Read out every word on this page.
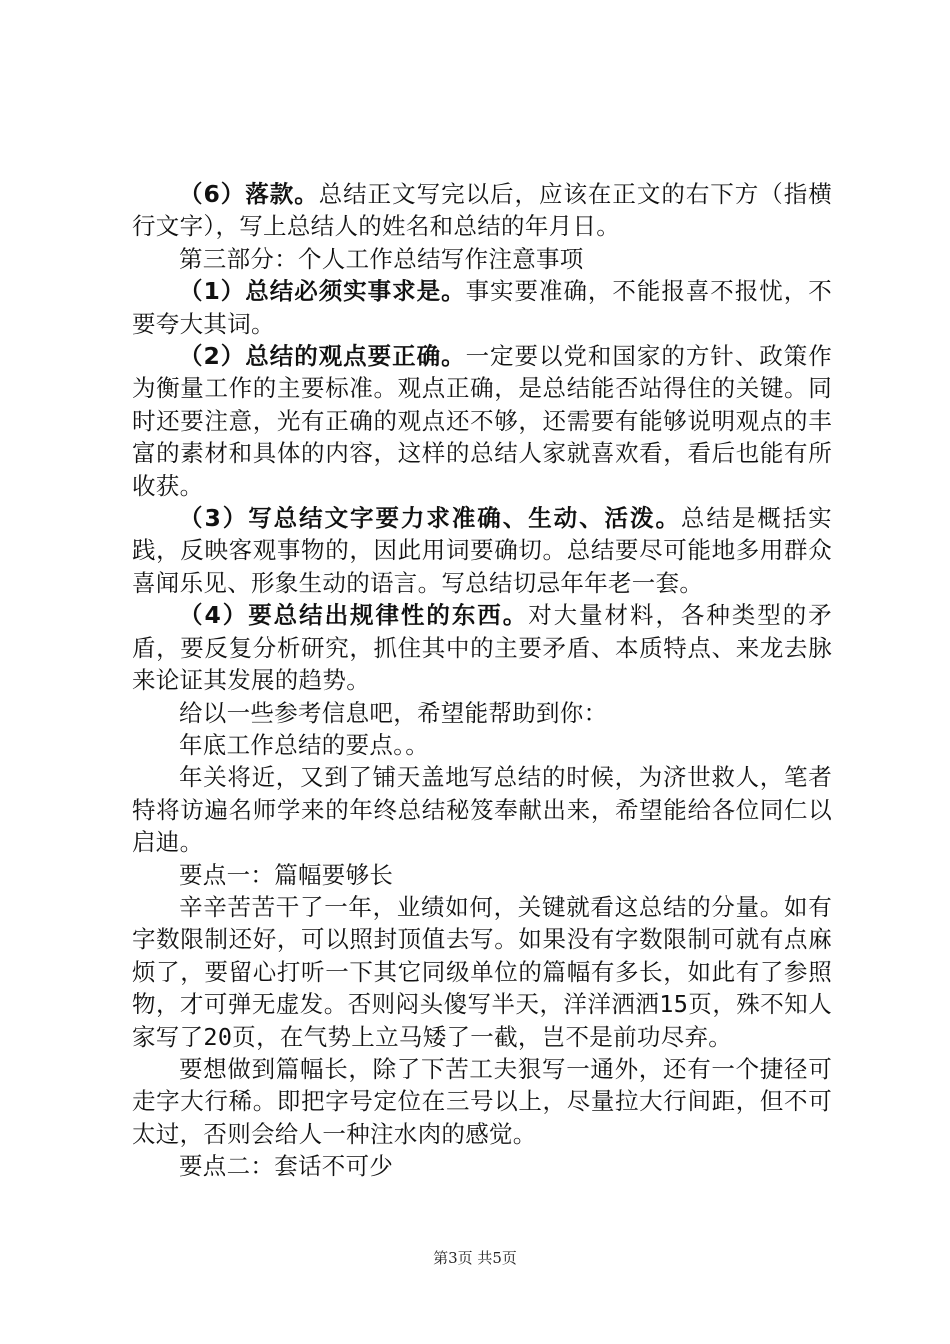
（6）落款。总结正文写完以后，应该在正文的右下方（指横行文字），写上总结人的姓名和总结的年月日。

第三部分：个人工作总结写作注意事项

（1）总结必须实事求是。事实要准确，不能报喜不报忧，不要夸大其词。

（2）总结的观点要正确。一定要以党和国家的方针、政策作为衡量工作的主要标准。观点正确，是总结能否站得住的关键。同时还要注意，光有正确的观点还不够，还需要有能够说明观点的丰富的素材和具体的内容，这样的总结人家就喜欢看，看后也能有所收获。

（3）写总结文字要力求准确、生动、活泼。总结是概括实践，反映客观事物的，因此用词要确切。总结要尽可能地多用群众喜闻乐见、形象生动的语言。写总结切忌年年老一套。

（4）要总结出规律性的东西。对大量材料，各种类型的矛盾，要反复分析研究，抓住其中的主要矛盾、本质特点、来龙去脉来论证其发展的趋势。

给以一些参考信息吧，希望能帮助到你：

年底工作总结的要点。。

年关将近，又到了铺天盖地写总结的时候，为济世救人，笔者特将访遍名师学来的年终总结秘笈奉献出来，希望能给各位同仁以启迪。

要点一：篇幅要够长

辛辛苦苦干了一年，业绩如何，关键就看这总结的分量。如有字数限制还好，可以照封顶值去写。如果没有字数限制可就有点麻烦了，要留心打听一下其它同级单位的篇幅有多长，如此有了参照物，才可弹无虚发。否则闷头傻写半天，洋洋洒洒15页，殊不知人家写了20页，在气势上立马矮了一截，岂不是前功尽弃。

要想做到篇幅长，除了下苦工夫狠写一通外，还有一个捷径可走字大行稀。即把字号定位在三号以上，尽量拉大行间距，但不可太过，否则会给人一种注水肉的感觉。

要点二：套话不可少

第3页 共5页
